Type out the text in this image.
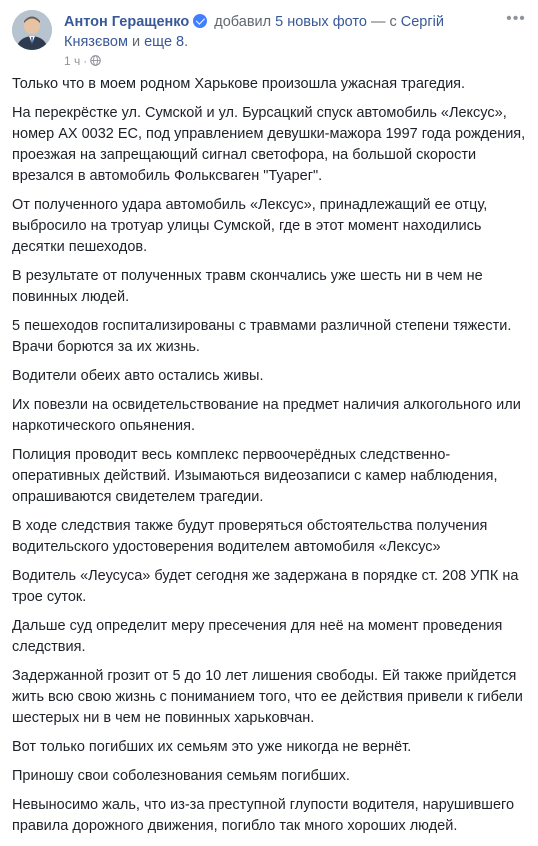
Антон Геращенко добавил 5 новых фото — с Сергій Князєвом и еще 8.
1 ч ·
•••

Только что в моем родном Харькове произошла ужасная трагедия.

На перекрёстке ул. Сумской и ул. Бурсацкий спуск автомобиль «Лексус», номер АХ 0032 ЕС, под управлением девушки-мажора 1997 года рождения, проезжая на запрещающий сигнал светофора, на большой скорости врезался в автомобиль Фольксваген "Туарег".

От полученного удара автомобиль «Лексус», принадлежащий ее отцу, выбросило на тротуар улицы Сумской, где в этот момент находились десятки пешеходов.

В результате от полученных травм скончались уже шесть ни в чем не повинных людей.

5 пешеходов госпитализированы с травмами различной степени тяжести. Врачи борются за их жизнь.

Водители обеих авто остались живы.

Их повезли на освидетельствование на предмет наличия алкогольного или наркотического опьянения.

Полиция проводит весь комплекс первоочерёдных следственно-оперативных действий. Изымаються видеозаписи с камер наблюдения, опрашиваются свидетелем трагедии.

В ходе следствия также будут проверяться обстоятельства получения водительского удостоверения водителем автомобиля «Лексус»

Водитель «Леусуса» будет сегодня же задержана в порядке ст. 208 УПК на трое суток.

Дальше суд определит меру пресечения для неё на момент проведения следствия.

Задержанной грозит от 5 до 10 лет лишения свободы. Ей также прийдется жить всю свою жизнь с пониманием того, что ее действия привели к гибели шестерых ни в чем не повинных харьковчан.

Вот только погибших их семьям это уже никогда не вернёт.

Приношу свои соболезнования семьям погибших.

Невыносимо жаль, что из-за преступной глупости водителя, нарушившего правила дорожного движения, погибло так много хороших людей.
